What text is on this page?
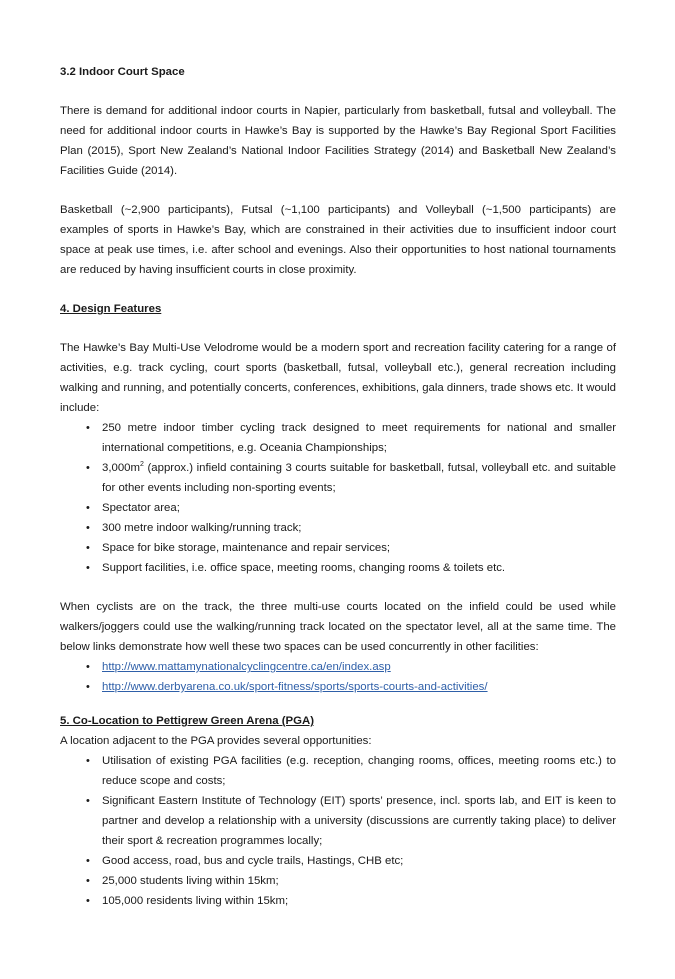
3.2 Indoor Court Space

There is demand for additional indoor courts in Napier, particularly from basketball, futsal and volleyball. The need for additional indoor courts in Hawke’s Bay is supported by the Hawke’s Bay Regional Sport Facilities Plan (2015), Sport New Zealand’s National Indoor Facilities Strategy (2014) and Basketball New Zealand’s Facilities Guide (2014).

Basketball (~2,900 participants), Futsal (~1,100 participants) and Volleyball (~1,500 participants) are examples of sports in Hawke’s Bay, which are constrained in their activities due to insufficient indoor court space at peak use times, i.e. after school and evenings. Also their opportunities to host national tournaments are reduced by having insufficient courts in close proximity.

4. Design Features

The Hawke’s Bay Multi-Use Velodrome would be a modern sport and recreation facility catering for a range of activities, e.g. track cycling, court sports (basketball, futsal, volleyball etc.), general recreation including walking and running, and potentially concerts, conferences, exhibitions, gala dinners, trade shows etc. It would include:

• 250 metre indoor timber cycling track designed to meet requirements for national and smaller international competitions, e.g. Oceania Championships;
• $3,000m^2$ (approx.) infield containing 3 courts suitable for basketball, futsal, volleyball etc. and suitable for other events including non-sporting events;
• Spectator area;
• 300 metre indoor walking/running track;
• Space for bike storage, maintenance and repair services;
• Support facilities, i.e. office space, meeting rooms, changing rooms & toilets etc.

When cyclists are on the track, the three multi-use courts located on the infield could be used while walkers/joggers could use the walking/running track located on the spectator level, all at the same time. The below links demonstrate how well these two spaces can be used concurrently in other facilities:

• http://www.mattamynationalcyclingcentre.ca/en/index.asp
• http://www.derbyarena.co.uk/sport-fitness/sports/sports-courts-and-activities/
5. Co-Location to Pettigrew Green Arena (PGA)

A location adjacent to the PGA provides several opportunities:

• Utilisation of existing PGA facilities (e.g. reception, changing rooms, offices, meeting rooms etc.) to reduce scope and costs;
• Significant Eastern Institute of Technology (EIT) sports’ presence, incl. sports lab, and EIT is keen to partner and develop a relationship with a university (discussions are currently taking place) to deliver their sport & recreation programmes locally;
• Good access, road, bus and cycle trails, Hastings, CHB etc;
• 25,000 students living within 15km;
• 105,000 residents living within 15km;
